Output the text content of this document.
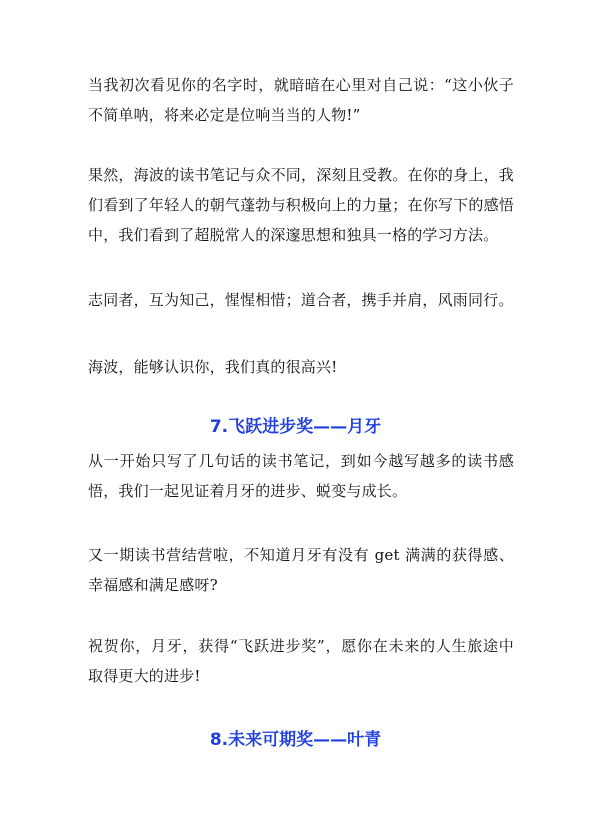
当我初次看见你的名字时，就暗暗在心里对自己说：“这小伙子不简单呐，将来必定是位响当当的人物!”

果然，海波的读书笔记与众不同，深刻且受教。在你的身上，我们看到了年轻人的朝气蓬勃与积极向上的力量；在你写下的感悟中，我们看到了超脱常人的深邃思想和独具一格的学习方法。

志同者，互为知己，惺惺相惜；道合者，携手并肩，风雨同行。

海波，能够认识你，我们真的很高兴!

7.飞跃进步奖——月牙

从一开始只写了几句话的读书笔记，到如今越写越多的读书感悟，我们一起见证着月牙的进步、蜕变与成长。

又一期读书营结营啦，不知道月牙有没有 get 满满的获得感、幸福感和满足感呀?

祝贺你，月牙，获得“飞跃进步奖”，愿你在未来的人生旅途中取得更大的进步!

8.未来可期奖——叶青
